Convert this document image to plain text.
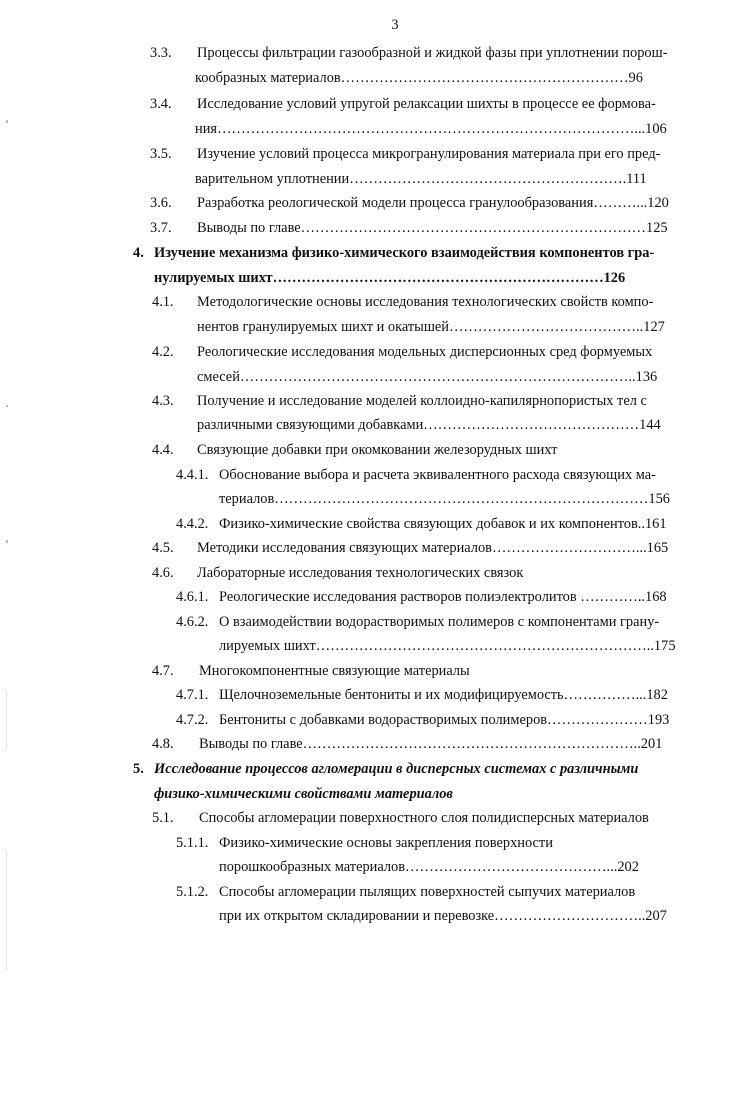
3
3.3. Процессы фильтрации газообразной и жидкой фазы при уплотнении порош-
кообразных материалов……………………………………………………96
3.4. Исследование условий упругой релаксации шихты в процессе ее формова-
ния……………………………………………………………………………...106
3.5. Изучение условий процесса микрогранулирования материала при его пред-
варительном уплотнении………………………………………………….111
3.6. Разработка реологической модели процесса гранулообразования………...120
3.7. Выводы по главе………………………………………………………………125
4. Изучение механизма физико-химического взаимодействия компонентов гра-
нулируемых шихт……………………………………………………………126
4.1. Методологические основы исследования технологических свойств компо-
нентов гранулируемых шихт и окатышей…………………………………..127
4.2. Реологические исследования модельных дисперсионных сред формуемых
смесей………………………………………………………………………..136
4.3. Получение и исследование моделей коллоидно-капилярнопористых тел с
различными связующими добавками………………………………………144
4.4. Связующие добавки при окомковании железорудных шихт
4.4.1. Обоснование выбора и расчета эквивалентного расхода связующих ма-
териалов……………………………………………………………………156
4.4.2. Физико-химические свойства связующих добавок и их компонентов..161
4.5. Методики исследования связующих материалов…………………………...165
4.6. Лабораторные исследования технологических связок
4.6.1. Реологические исследования растворов полиэлектролитов …………..168
4.6.2. О взаимодействии водорастворимых полимеров с компонентами грану-
лируемых шихт……………………………………………………………..175
4.7. Многокомпонентные связующие материалы
4.7.1. Щелочноземельные бентониты и их модифицируемость……………...182
4.7.2. Бентониты с добавками водорастворимых полимеров…………………193
4.8. Выводы по главе……………………………………………………………..201
5. Исследование процессов агломерации в дисперсных системах с различными
физико-химическими свойствами материалов
5.1. Способы агломерации поверхностного слоя полидисперсных материалов
5.1.1. Физико-химические основы закрепления поверхности
порошкообразных материалов……………………………………...202
5.1.2. Способы агломерации пылящих поверхностей сыпучих материалов
при их открытом складировании и перевозке…………………………..207
